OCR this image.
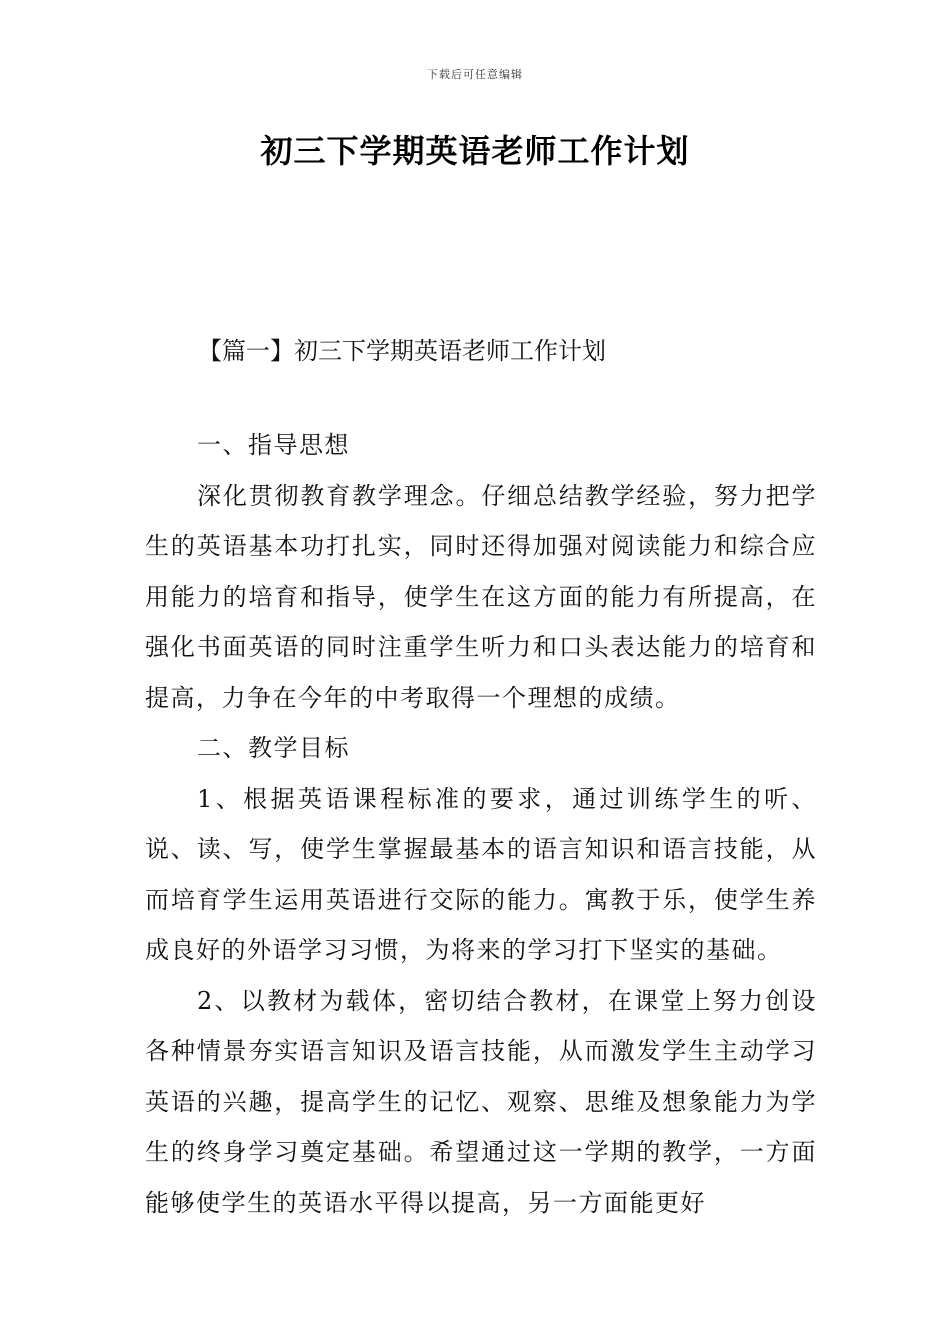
下载后可任意编辑
初三下学期英语老师工作计划
【篇一】初三下学期英语老师工作计划

一、指导思想

深化贯彻教育教学理念。仔细总结教学经验，努力把学生的英语基本功打扎实，同时还得加强对阅读能力和综合应用能力的培育和指导，使学生在这方面的能力有所提高，在强化书面英语的同时注重学生听力和口头表达能力的培育和提高，力争在今年的中考取得一个理想的成绩。

二、教学目标

1、根据英语课程标准的要求，通过训练学生的听、说、读、写，使学生掌握最基本的语言知识和语言技能，从而培育学生运用英语进行交际的能力。寓教于乐，使学生养成良好的外语学习习惯，为将来的学习打下坚实的基础。

2、以教材为载体，密切结合教材，在课堂上努力创设各种情景夯实语言知识及语言技能，从而激发学生主动学习英语的兴趣，提高学生的记忆、观察、思维及想象能力为学生的终身学习奠定基础。希望通过这一学期的教学，一方面能够使学生的英语水平得以提高，另一方面能更好
